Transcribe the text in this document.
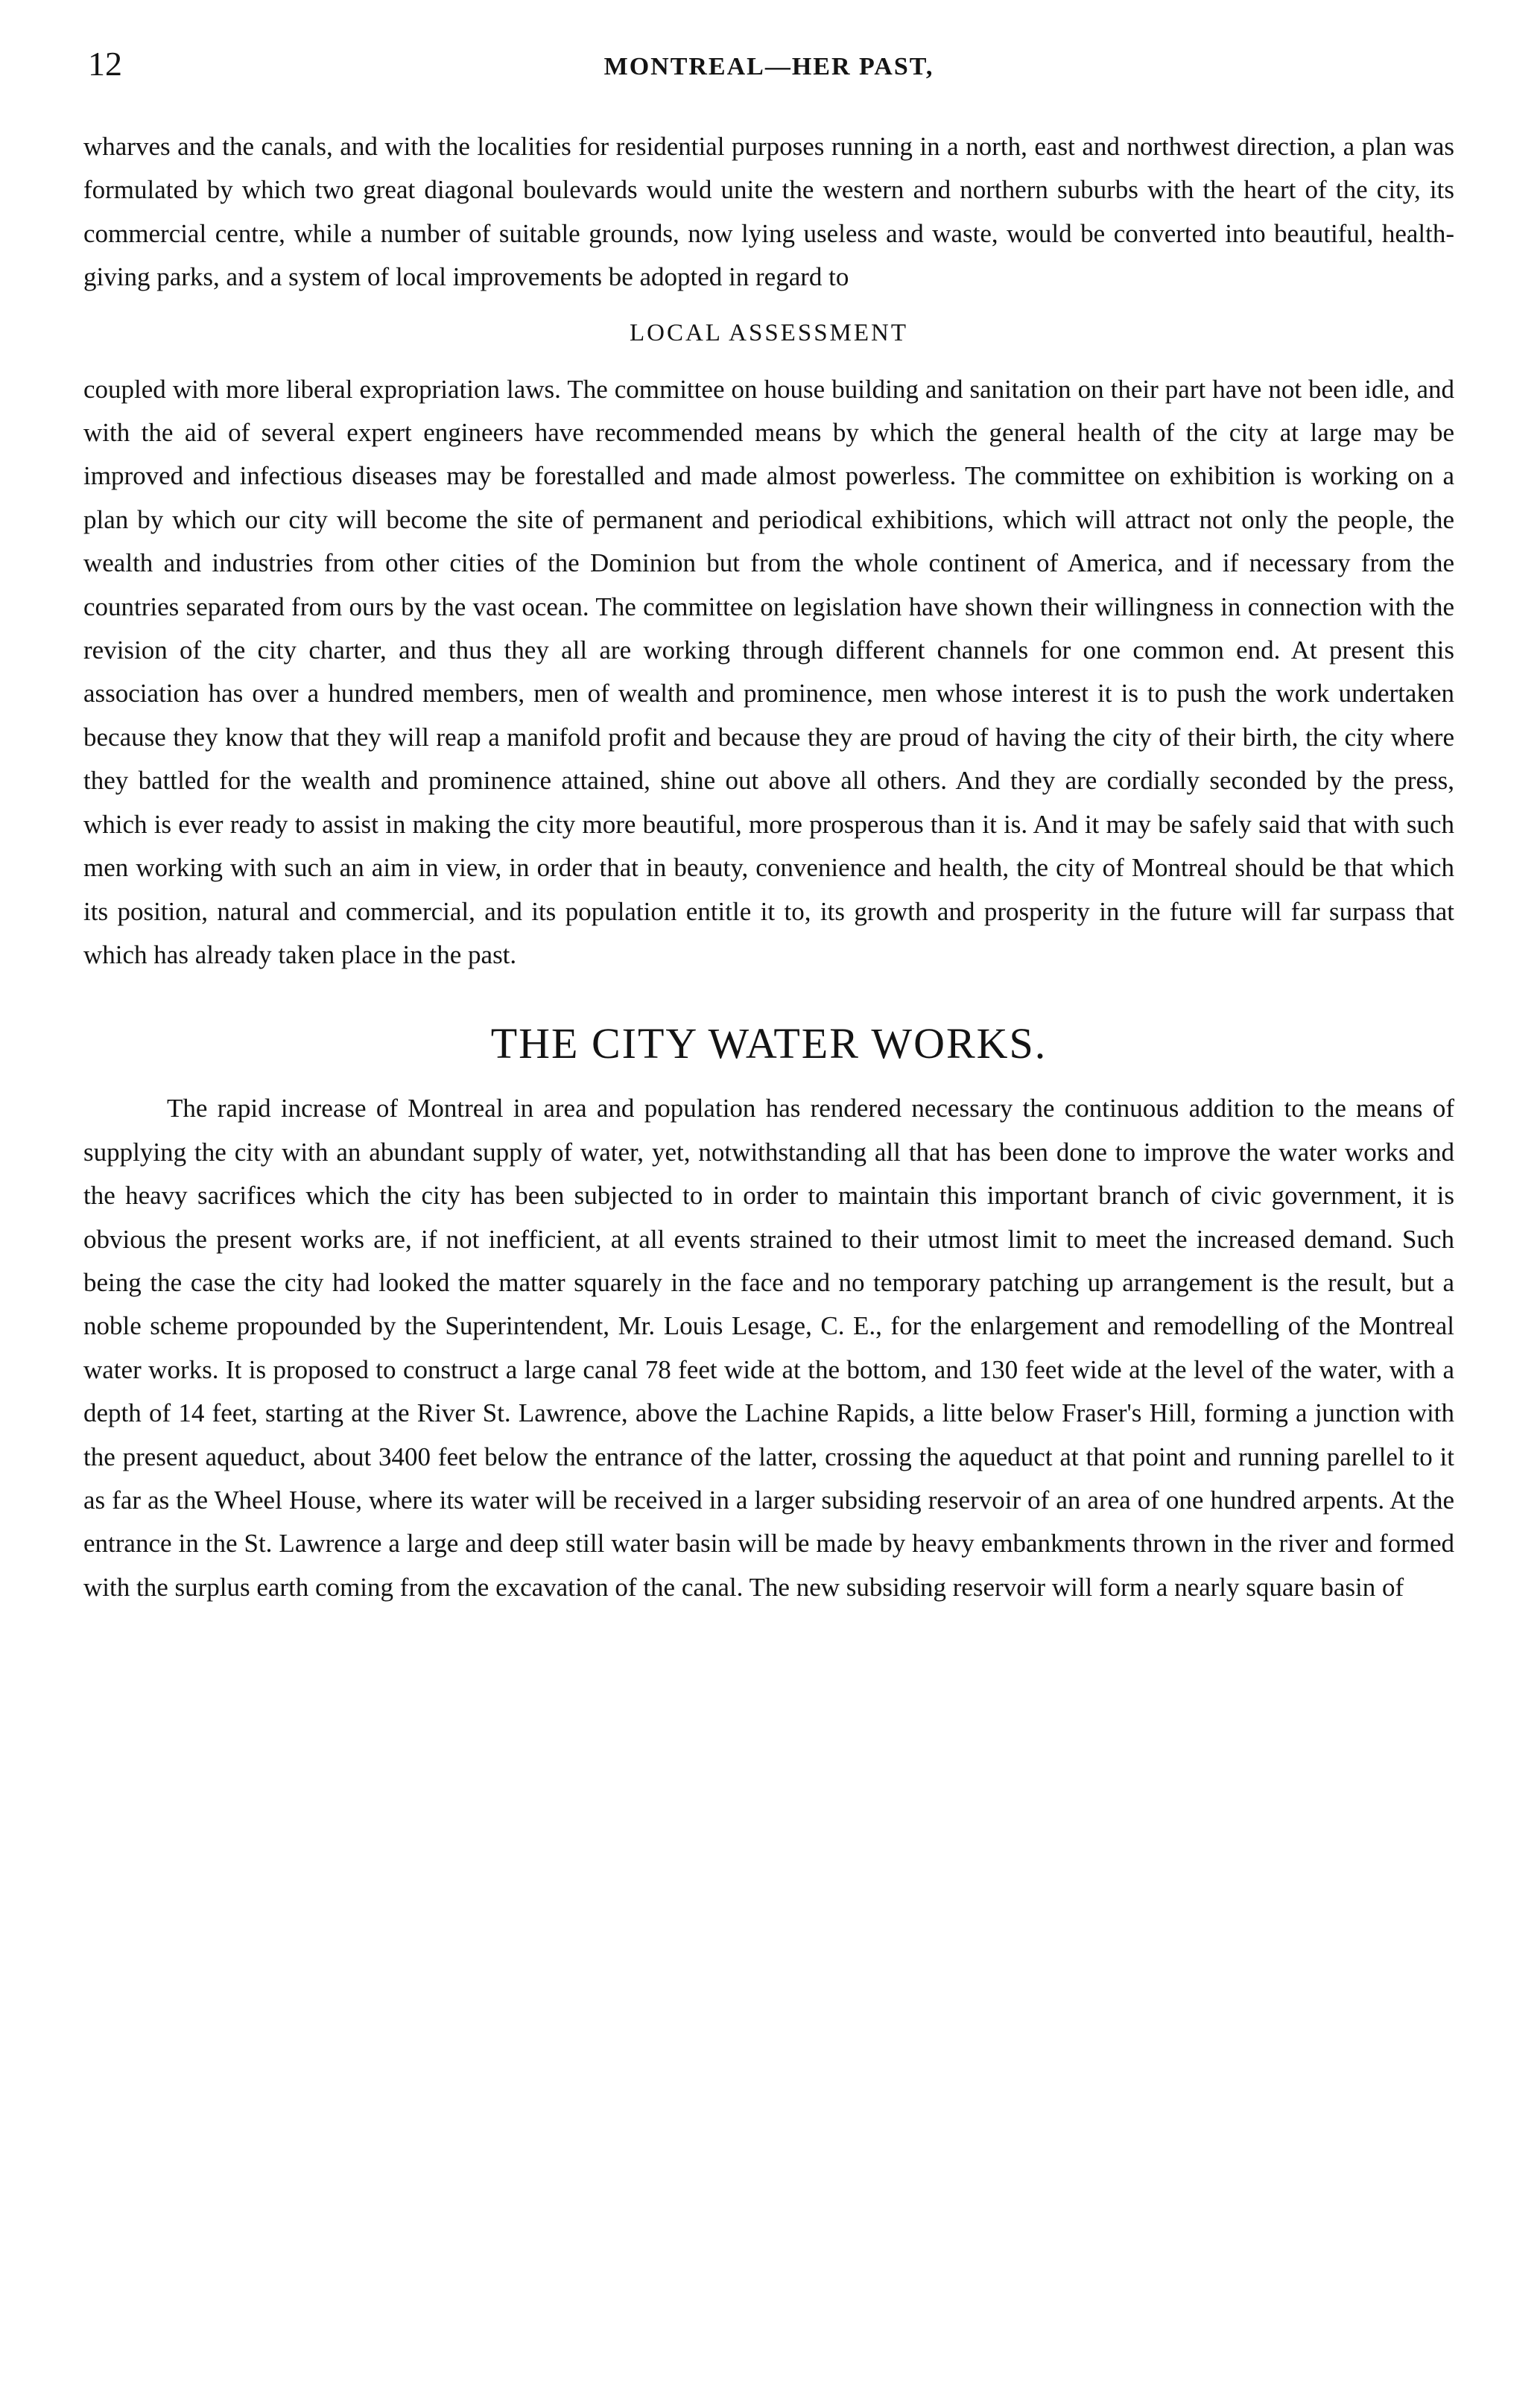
12	MONTREAL—HER PAST,

wharves and the canals, and with the localities for residential purposes running in a north, east and northwest direction, a plan was formulated by which two great diagonal boulevards would unite the western and northern suburbs with the heart of the city, its commercial centre, while a number of suitable grounds, now lying useless and waste, would be converted into beautiful, health-giving parks, and a system of local improvements be adopted in regard to

LOCAL ASSESSMENT

coupled with more liberal expropriation laws. The committee on house building and sanitation on their part have not been idle, and with the aid of several expert engineers have recommended means by which the general health of the city at large may be improved and infectious diseases may be forestalled and made almost powerless. The committee on exhibition is working on a plan by which our city will become the site of permanent and periodical exhibitions, which will attract not only the people, the wealth and industries from other cities of the Dominion but from the whole continent of America, and if necessary from the countries separated from ours by the vast ocean. The committee on legislation have shown their willingness in connection with the revision of the city charter, and thus they all are working through different channels for one common end. At present this association has over a hundred members, men of wealth and prominence, men whose interest it is to push the work undertaken because they know that they will reap a manifold profit and because they are proud of having the city of their birth, the city where they battled for the wealth and prominence attained, shine out above all others. And they are cordially seconded by the press, which is ever ready to assist in making the city more beautiful, more prosperous than it is. And it may be safely said that with such men working with such an aim in view, in order that in beauty, convenience and health, the city of Montreal should be that which its position, natural and commercial, and its population entitle it to, its growth and prosperity in the future will far surpass that which has already taken place in the past.

THE CITY WATER WORKS.

The rapid increase of Montreal in area and population has rendered necessary the continuous addition to the means of supplying the city with an abundant supply of water, yet, notwithstanding all that has been done to improve the water works and the heavy sacrifices which the city has been subjected to in order to maintain this important branch of civic government, it is obvious the present works are, if not inefficient, at all events strained to their utmost limit to meet the increased demand. Such being the case the city had looked the matter squarely in the face and no temporary patching up arrangement is the result, but a noble scheme propounded by the Superintendent, Mr. Louis Lesage, C. E., for the enlargement and remodelling of the Montreal water works. It is proposed to construct a large canal 78 feet wide at the bottom, and 130 feet wide at the level of the water, with a depth of 14 feet, starting at the River St. Lawrence, above the Lachine Rapids, a litte below Fraser's Hill, forming a junction with the present aqueduct, about 3400 feet below the entrance of the latter, crossing the aqueduct at that point and running parellel to it as far as the Wheel House, where its water will be received in a larger subsiding reservoir of an area of one hundred arpents. At the entrance in the St. Lawrence a large and deep still water basin will be made by heavy embankments thrown in the river and formed with the surplus earth coming from the excavation of the canal. The new subsiding reservoir will form a nearly square basin of
